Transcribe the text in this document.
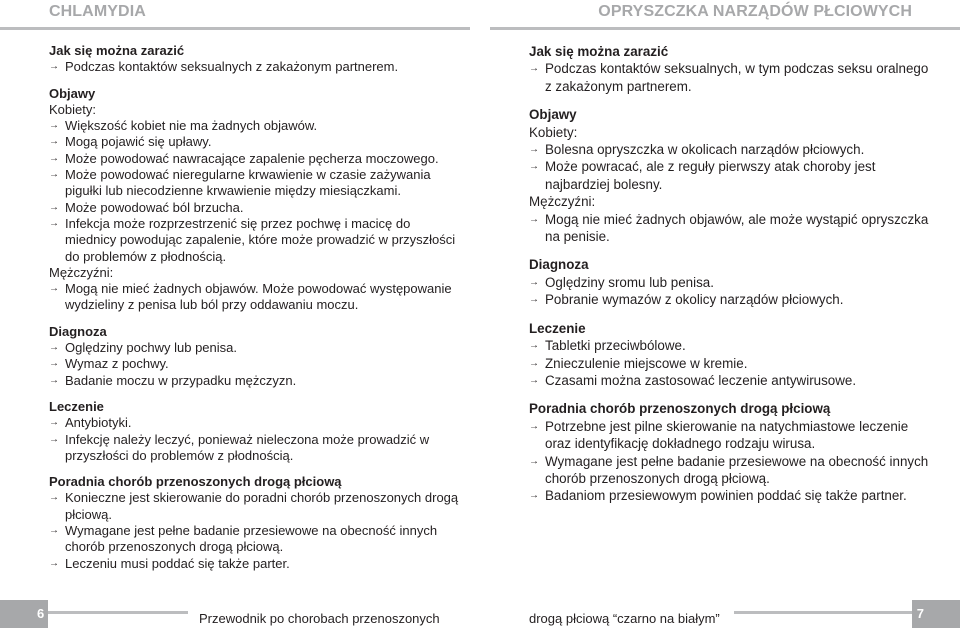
CHLAMYDIA
Jak się można zarazić
→ Podczas kontaktów seksualnych z zakażonym partnerem.
Objawy
Kobiety:
→ Większość kobiet nie ma żadnych objawów.
→ Mogą pojawić się upławy.
→ Może powodować nawracające zapalenie pęcherza moczowego.
→ Może powodować nieregularne krwawienie w czasie zażywania pigułki lub niecodzienne krwawienie między miesiączkami.
→ Może powodować ból brzucha.
→ Infekcja może rozprzestrzenić się przez pochwę i macicę do miednicy powodując zapalenie, które może prowadzić w przyszłości do problemów z płodnością.
Mężczyźni:
→ Mogą nie mieć żadnych objawów. Może powodować występowanie wydzieliny z penisa lub ból przy oddawaniu moczu.
Diagnoza
→ Oględziny pochwy lub penisa.
→ Wymaz z pochwy.
→ Badanie moczu w przypadku mężczyzn.
Leczenie
→ Antybiotyki.
→ Infekcję należy leczyć, ponieważ nieleczona może prowadzić w przyszłości do problemów z płodnością.
Poradnia chorób przenoszonych drogą płciową
→ Konieczne jest skierowanie do poradni chorób przenoszonych drogą płciową.
→ Wymagane jest pełne badanie przesiewowe na obecność innych chorób przenoszonych drogą płciową.
→ Leczeniu musi poddać się także parter.
6	Przewodnik po chorobach przenoszonych
OPRYSZCZKA NARZĄDÓW PŁCIOWYCH
Jak się można zarazić
→ Podczas kontaktów seksualnych, w tym podczas seksu oralnego z zakażonym partnerem.
Objawy
Kobiety:
→ Bolesna opryszczka w okolicach narządów płciowych.
→ Może powracać, ale z reguły pierwszy atak choroby jest najbardziej bolesny.
Mężczyźni:
→ Mogą nie mieć żadnych objawów, ale może wystąpić opryszczka na penisie.
Diagnoza
→ Oględziny sromu lub penisa.
→ Pobranie wymazów z okolicy narządów płciowych.
Leczenie
→ Tabletki przeciwbólowe.
→ Znieczulenie miejscowe w kremie.
→ Czasami można zastosować leczenie antywirusowe.
Poradnia chorób przenoszonych drogą płciową
→ Potrzebne jest pilne skierowanie na natychmiastowe leczenie oraz identyfikację dokładnego rodzaju wirusa.
→ Wymagane jest pełne badanie przesiewowe na obecność innych chorób przenoszonych drogą płciową.
→ Badaniom przesiewowym powinien poddać się także partner.
7
drogą płciową “czarno na białym”
